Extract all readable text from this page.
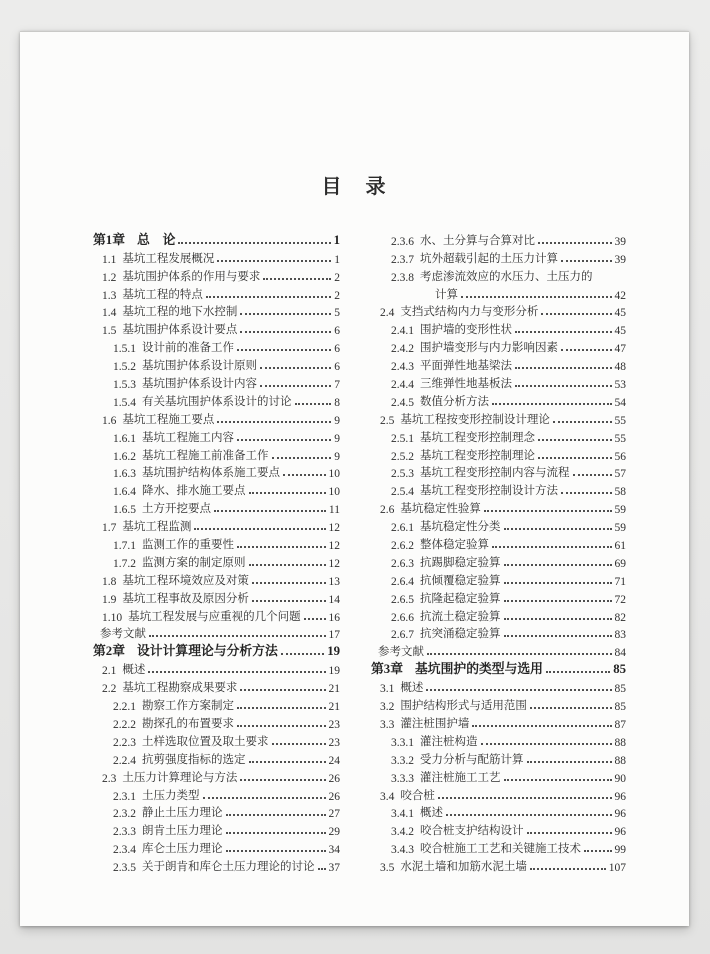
目　录
第1章 总　论	1
1.1 基坑工程发展概况	1
1.2 基坑围护体系的作用与要求	2
1.3 基坑工程的特点	2
1.4 基坑工程的地下水控制	5
1.5 基坑围护体系设计要点	6
1.5.1 设计前的准备工作	6
1.5.2 基坑围护体系设计原则	6
1.5.3 基坑围护体系设计内容	7
1.5.4 有关基坑围护体系设计的讨论	8
1.6 基坑工程施工要点	9
1.6.1 基坑工程施工内容	9
1.6.2 基坑工程施工前准备工作	9
1.6.3 基坑围护结构体系施工要点	10
1.6.4 降水、排水施工要点	10
1.6.5 土方开挖要点	11
1.7 基坑工程监测	12
1.7.1 监测工作的重要性	12
1.7.2 监测方案的制定原则	12
1.8 基坑工程环境效应及对策	13
1.9 基坑工程事故及原因分析	14
1.10 基坑工程发展与应重视的几个问题 16
参考文献	17
第2章 设计计算理论与分析方法	19
2.1 概述	19
2.2 基坑工程勘察成果要求	21
2.2.1 勘察工作方案制定	21
2.2.2 勘探孔的布置要求	23
2.2.3 土样选取位置及取土要求	23
2.2.4 抗剪强度指标的选定	24
2.3 土压力计算理论与方法	26
2.3.1 土压力类型	26
2.3.2 静止土压力理论	27
2.3.3 朗肯土压力理论	29
2.3.4 库仑土压力理论	34
2.3.5 关于朗肯和库仑土压力理论的讨论 37
2.3.6 水、土分算与合算对比	39
2.3.7 坑外超载引起的土压力计算	39
2.3.8 考虑渗流效应的水压力、土压力的
计算	42
2.4 支挡式结构内力与变形分析	45
2.4.1 围护墙的变形性状	45
2.4.2 围护墙变形与内力影响因素	47
2.4.3 平面弹性地基梁法	48
2.4.4 三维弹性地基板法	53
2.4.5 数值分析方法	54
2.5 基坑工程按变形控制设计理论	55
2.5.1 基坑工程变形控制理念	55
2.5.2 基坑工程变形控制理论	56
2.5.3 基坑工程变形控制内容与流程	57
2.5.4 基坑工程变形控制设计方法	58
2.6 基坑稳定性验算	59
2.6.1 基坑稳定性分类	59
2.6.2 整体稳定验算	61
2.6.3 抗踢脚稳定验算	69
2.6.4 抗倾覆稳定验算	71
2.6.5 抗隆起稳定验算	72
2.6.6 抗流土稳定验算	82
2.6.7 抗突涌稳定验算	83
参考文献	84
第3章 基坑围护的类型与选用	85
3.1 概述	85
3.2 围护结构形式与适用范围	85
3.3 灌注桩围护墙	87
3.3.1 灌注桩构造	88
3.3.2 受力分析与配筋计算	88
3.3.3 灌注桩施工工艺	90
3.4 咬合桩	96
3.4.1 概述	96
3.4.2 咬合桩支护结构设计	96
3.4.3 咬合桩施工工艺和关键施工技术	99
3.5 水泥土墙和加筋水泥土墙	107
